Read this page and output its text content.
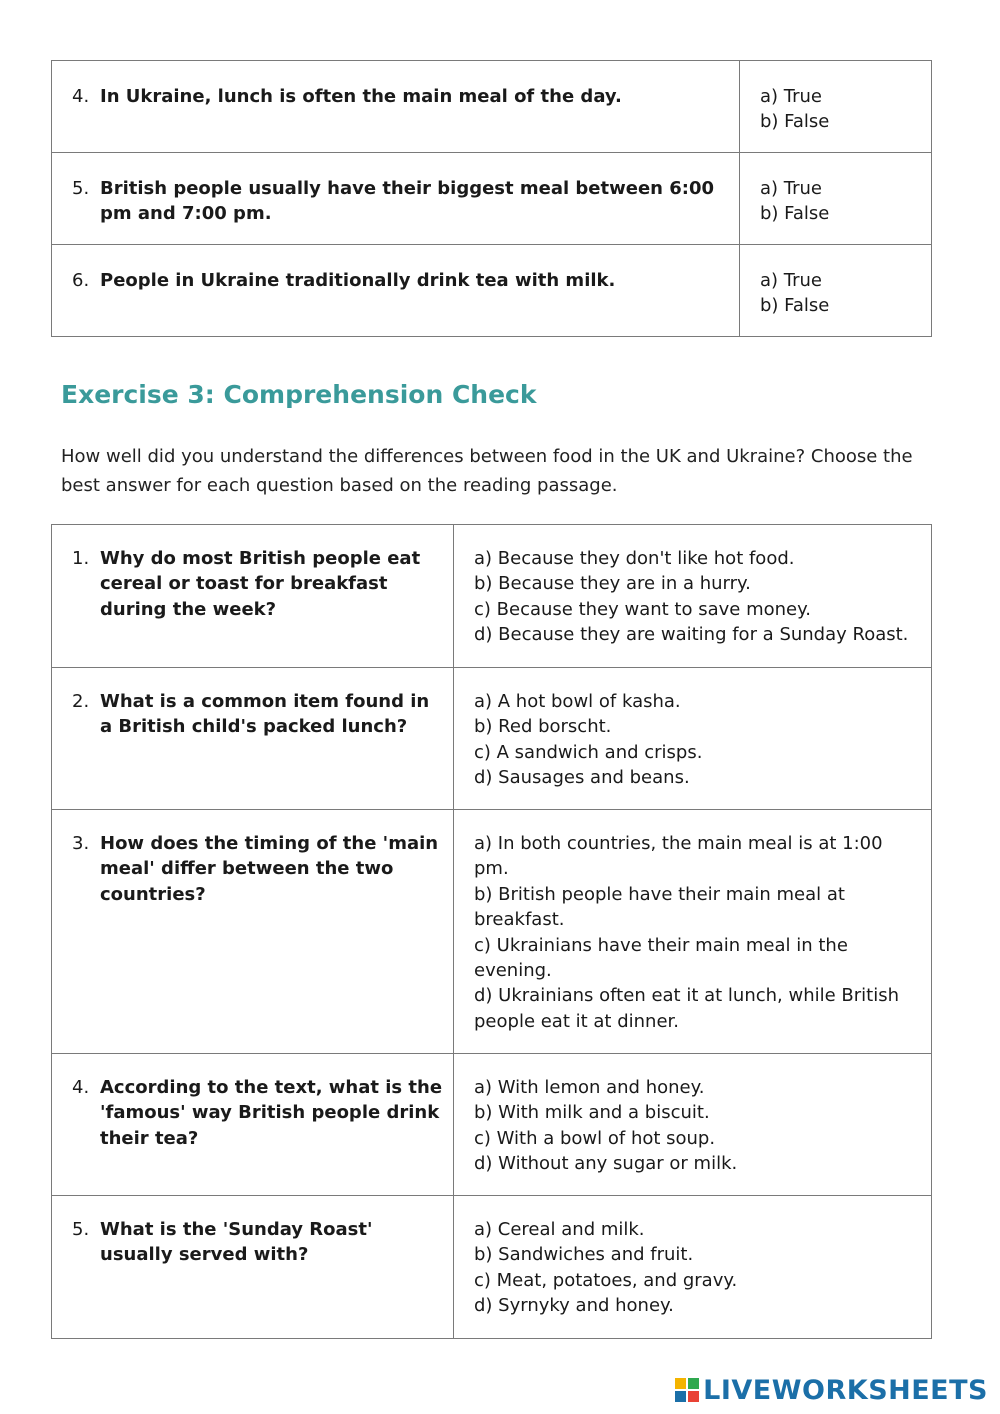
4. In Ukraine, lunch is often the main meal of the day.	a) True
b) False

5. British people usually have their biggest meal between 6:00 pm and 7:00 pm.	a) True
b) False

6. People in Ukraine traditionally drink tea with milk.	a) True
b) False
Exercise 3: Comprehension Check

How well did you understand the differences between food in the UK and Ukraine? Choose the best answer for each question based on the reading passage.

1. Why do most British people eat cereal or toast for breakfast during the week?	a) Because they don't like hot food.
b) Because they are in a hurry.
c) Because they want to save money.
d) Because they are waiting for a Sunday Roast.

2. What is a common item found in a British child's packed lunch?	a) A hot bowl of kasha.
b) Red borscht.
c) A sandwich and crisps.
d) Sausages and beans.

3. How does the timing of the 'main meal' differ between the two countries?	a) In both countries, the main meal is at 1:00 pm.
b) British people have their main meal at breakfast.
c) Ukrainians have their main meal in the evening.
d) Ukrainians often eat it at lunch, while British people eat it at dinner.

4. According to the text, what is the 'famous' way British people drink their tea?	a) With lemon and honey.
b) With milk and a biscuit.
c) With a bowl of hot soup.
d) Without any sugar or milk.

5. What is the 'Sunday Roast' usually served with?	a) Cereal and milk.
b) Sandwiches and fruit.
c) Meat, potatoes, and gravy.
d) Syrnyky and honey.
LIVEWORKSHEETS
